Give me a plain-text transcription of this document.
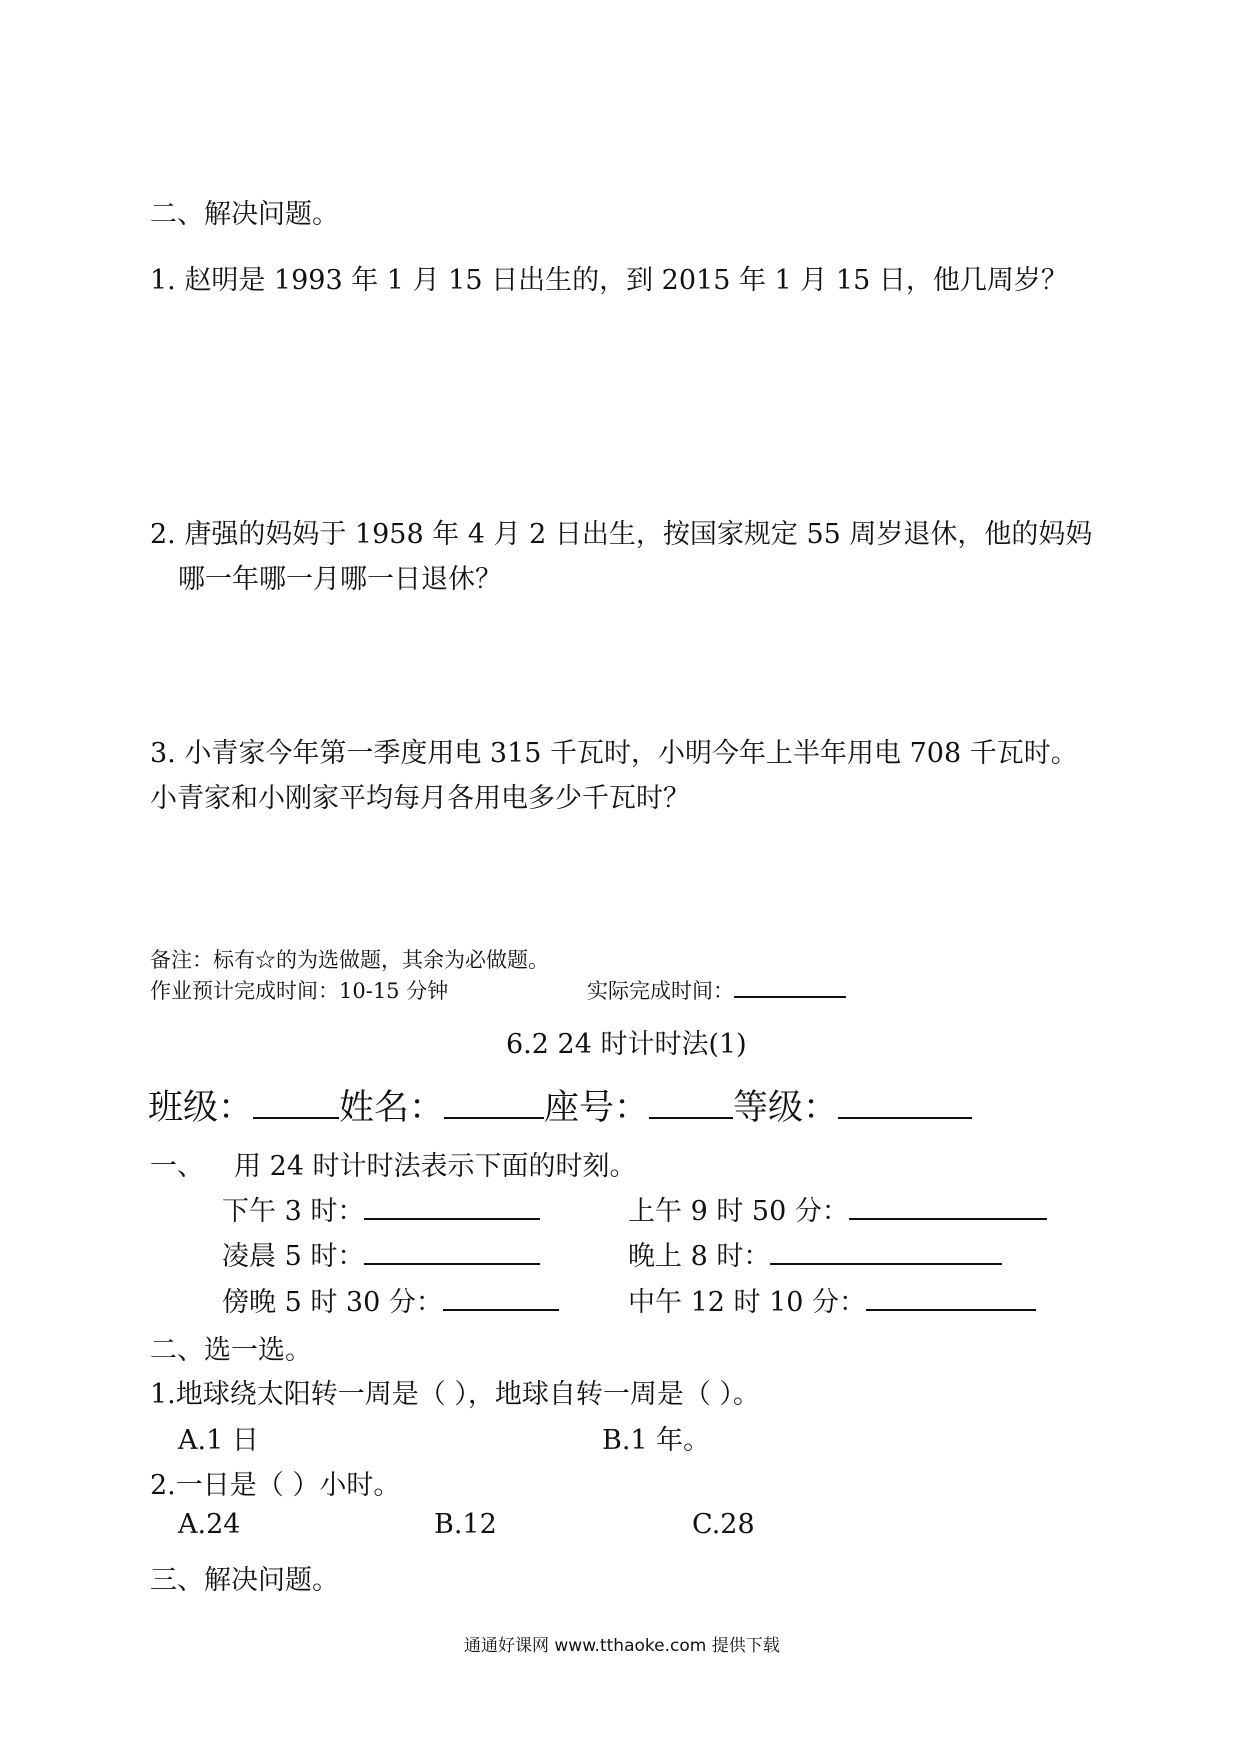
二、解决问题。
1. 赵明是 1993 年 1 月 15 日出生的，到 2015 年 1 月 15 日，他几周岁？
2. 唐强的妈妈于 1958 年 4 月 2 日出生，按国家规定 55 周岁退休，他的妈妈
哪一年哪一月哪一日退休？
3. 小青家今年第一季度用电 315 千瓦时，小明今年上半年用电 708 千瓦时。
小青家和小刚家平均每月各用电多少千瓦时？
备注：标有☆的为选做题，其余为必做题。
作业预计完成时间：10-15 分钟	实际完成时间：
6.2 24 时计时法(1)
班级： 姓名：	座号： 等级：
一、 用 24 时计时法表示下面的时刻。
下午 3 时：	上午 9 时 50 分：
凌晨 5 时：	晚上 8 时：
傍晚 5 时 30 分：	中午 12 时 10 分：
二、选一选。
1.地球绕太阳转一周是（ ），地球自转一周是（ ）。
A.1 日	B.1 年。
2.一日是（ ）小时。
A.24	B.12	C.28
三、解决问题。
通通好课网 www.tthaoke.com 提供下载
